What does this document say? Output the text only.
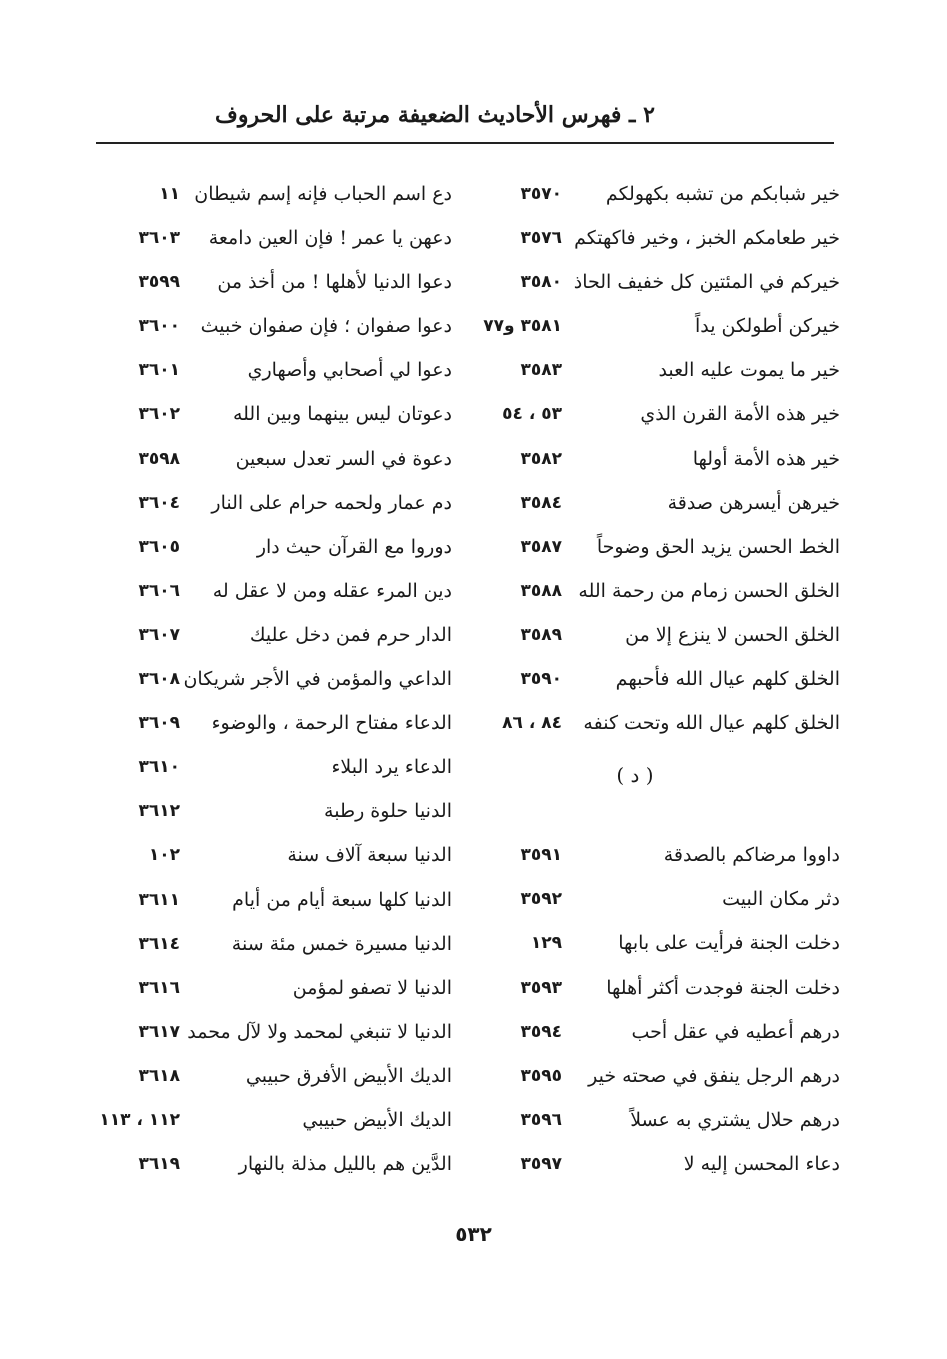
٢ ـ فهرس الأحاديث الضعيفة مرتبة على الحروف
خير شبابكم من تشبه بكهولكم
٣٥٧٠
خير طعامكم الخبز ، وخير فاكهتكم
٣٥٧٦
خيركم في المئتين كل خفيف الحاذ
٣٥٨٠
خيركن أطولكن يداً
٣٥٨١ و٧٧
خير ما يموت عليه العبد
٣٥٨٣
خير هذه الأمة القرن الذي
٥٣ ، ٥٤
خير هذه الأمة أولها
٣٥٨٢
خيرهن أيسرهن صدقة
٣٥٨٤
الخط الحسن يزيد الحق وضوحاً
٣٥٨٧
الخلق الحسن زمام من رحمة الله
٣٥٨٨
الخلق الحسن لا ينزع إلا من
٣٥٨٩
الخلق كلهم عيال الله فأحبهم
٣٥٩٠
الخلق كلهم عيال الله وتحت كنفه
٨٤ ، ٨٦
( د )
داووا مرضاكم بالصدقة
٣٥٩١
دثر مكان البيت
٣٥٩٢
دخلت الجنة فرأيت على بابها
١٢٩
دخلت الجنة فوجدت أكثر أهلها
٣٥٩٣
درهم أعطيه في عقل أحب
٣٥٩٤
درهم الرجل ينفق في صحته خير
٣٥٩٥
درهم حلال يشتري به عسلاً
٣٥٩٦
دعاء المحسن إليه لا
٣٥٩٧
دع اسم الحباب فإنه إسم شيطان
١١
دعهن يا عمر ! فإن العين دامعة
٣٦٠٣
دعوا الدنيا لأهلها ! من أخذ من
٣٥٩٩
دعوا صفوان ؛ فإن صفوان خبيث
٣٦٠٠
دعوا لي أصحابي وأصهاري
٣٦٠١
دعوتان ليس بينهما وبين الله
٣٦٠٢
دعوة في السر تعدل سبعين
٣٥٩٨
دم عمار ولحمه حرام على النار
٣٦٠٤
دوروا مع القرآن حيث دار
٣٦٠٥
دين المرء عقله ومن لا عقل له
٣٦٠٦
الدار حرم فمن دخل عليك
٣٦٠٧
الداعي والمؤمن في الأجر شريكان
٣٦٠٨
الدعاء مفتاح الرحمة ، والوضوء
٣٦٠٩
الدعاء يرد البلاء
٣٦١٠
الدنيا حلوة رطبة
٣٦١٢
الدنيا سبعة آلاف سنة
١٠٢
الدنيا كلها سبعة أيام من أيام
٣٦١١
الدنيا مسيرة خمس مئة سنة
٣٦١٤
الدنيا لا تصفو لمؤمن
٣٦١٦
الدنيا لا تنبغي لمحمد ولا لآل محمد
٣٦١٧
الديك الأبيض الأفرق حبيبي
٣٦١٨
الديك الأبيض حبيبي
١١٢ ، ١١٣
الدَّين هم بالليل مذلة بالنهار
٣٦١٩
٥٣٢
